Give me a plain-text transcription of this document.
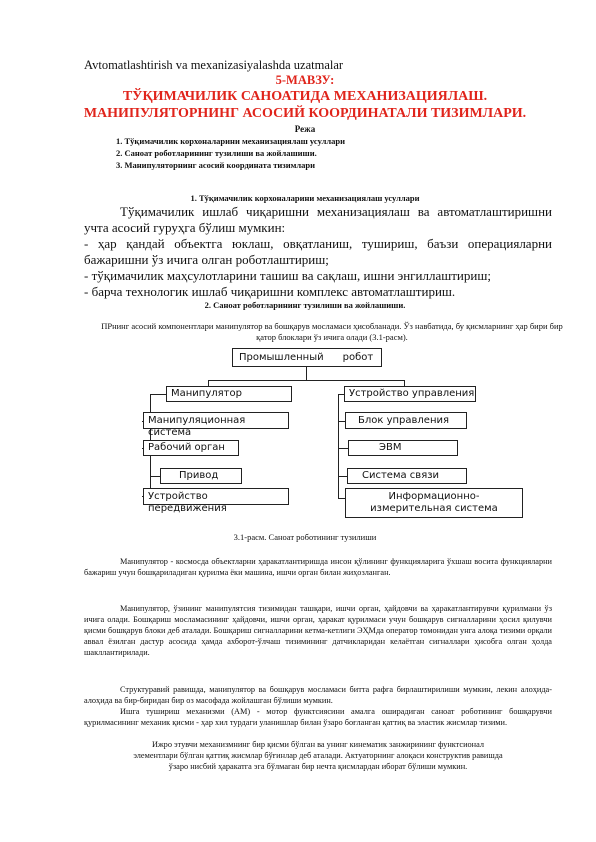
Avtomatlashtirish va mexanizasiyalashda uzatmalar
5-МАВЗУ:
ТЎҚИМАЧИЛИК САНОАТИДА МЕХАНИЗАЦИЯЛАШ.
МАНИПУЛЯТОРНИНГ АСОСИЙ КООРДИНАТАЛИ ТИЗИМЛАРИ.
Режа
1. Тўқимачилик корхоналарини механизациялаш усуллари
2. Саноат роботларининг тузилиши ва жойлашиши.
3. Манипуляторнинг асосий координата тизимлари
1. Тўқимачилик корхоналарини механизациялаш усуллари

Тўқимачилик ишлаб чиқаришни механизациялаш ва автоматлаштиришни учта асосий гуруҳга бўлиш мумкин:

- ҳар қандай объектга юклаш, овқатланиш, тушириш, баъзи операцияларни бажаришни ўз ичига олган роботлаштириш;

- тўқимачилик маҳсулотларини ташиш ва сақлаш, ишни энгиллаштириш;

- барча технологик ишлаб чиқаришни комплекс автоматлаштириш.

2. Саноат роботларининг тузилиши ва жойлашиши.
ПРнинг асосий компонентлари манипулятор ва бошқарув мосламаси ҳисобланади. Ўз навбатида, бу қисмларнинг ҳар бири бир қатор блоклари ўз ичига олади (3.1-расм).
Промышленный      робот
Манипулятор	Устройство управления
Манипуляционная система
Рабочий орган
Привод
Устройство передвижения
Блок управления
ЭВМ
Система связи
Информационно-измерительная система
3.1-расм. Саноат роботининг тузилиши

Манипулятор - космосда объектларни ҳаракатлантиришда инсон қўлининг функцияларига ўхшаш восита функцияларни бажариш учун бошқариладиган қурилма ёки машина, ишчи орган билан жиҳозланган.

Манипулятор, ўзининг манипулятсия тизимидан ташқари, ишчи орган, ҳайдовчи ва ҳаракатлантирувчи қурилмани ўз ичига олади. Бошқариш мосламасининг ҳайдовчи, ишчи орган, ҳаракат қурилмаси учун бошқарув сигналларини ҳосил қилувчи қисми бошқарув блоки деб аталади. Бошқариш сигналларини кетма-кетлиги ЭҲМда оператор томонидан унга алоқа тизими орқали аввал ёзилган дастур асосида ҳамда ахборот-ўлчаш тизимининг датчикларидан келаётган сигналлари ҳисобга олган ҳолда шакллантирилади.

Структуравий равишда, манипулятор ва бошқарув мосламаси битта рафга бирлаштирилиши мумкин, лекин алоҳида-алоҳида ва бир-биридан бир оз масофада жойлашган бўлиши мумкин.

Ишга тушириш механизми (АМ) - мотор функтсиясини амалга оширадиган саноат роботининг бошқарувчи қурилмасининг механик қисми - ҳар хил турдаги уланишлар билан ўзаро боғланган қаттиқ ва эластик жисмлар тизими.

Ижро этувчи механизмнинг бир қисми бўлган ва унинг кинематик занжирининг функтсионал
элементлари бўлган қаттиқ жисмлар бўғинлар деб аталади. Актуаторнинг алоқаси конструктив равишда
ўзаро нисбий ҳаракатга эга бўлмаган бир нечта қисмлардан иборат бўлиши мумкин.
